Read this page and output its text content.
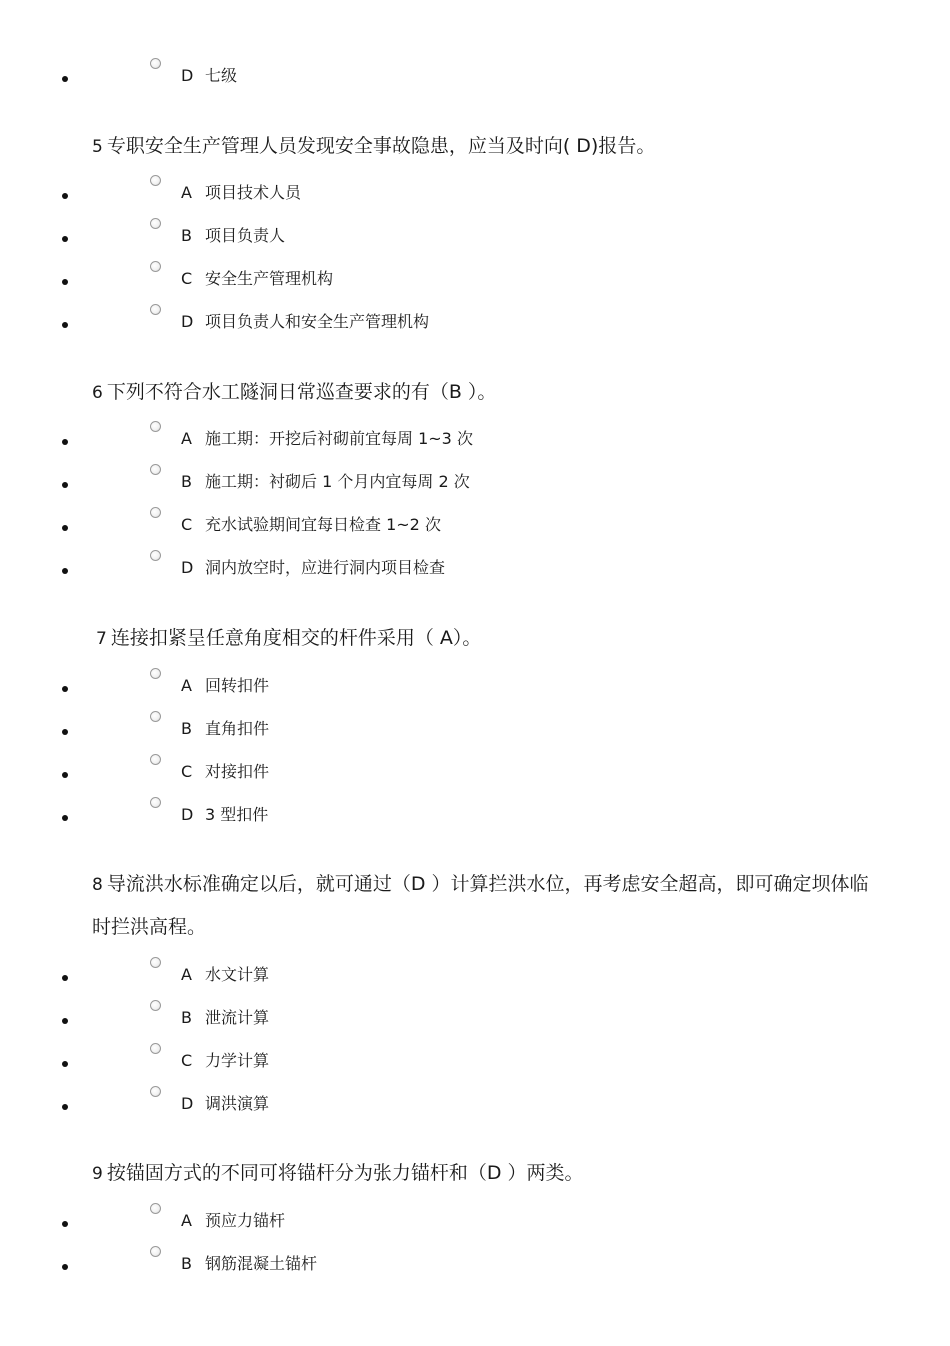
D 七级
5 专职安全生产管理人员发现安全事故隐患，应当及时向( D)报告。
A 项目技术人员
B 项目负责人
C 安全生产管理机构
D 项目负责人和安全生产管理机构
6 下列不符合水工隧洞日常巡查要求的有（B ）。
A 施工期：开挖后衬砌前宜每周 1~3 次
B 施工期：衬砌后 1 个月内宜每周 2 次
C 充水试验期间宜每日检查 1~2 次
D 洞内放空时，应进行洞内项目检查
7 连接扣紧呈任意角度相交的杆件采用（ A）。
A 回转扣件
B 直角扣件
C 对接扣件
D 3 型扣件
8 导流洪水标准确定以后，就可通过（D ）计算拦洪水位，再考虑安全超高，即可确定坝体临时拦洪高程。
A 水文计算
B 泄流计算
C 力学计算
D 调洪演算
9 按锚固方式的不同可将锚杆分为张力锚杆和（D ）两类。
A 预应力锚杆
B 钢筋混凝土锚杆
